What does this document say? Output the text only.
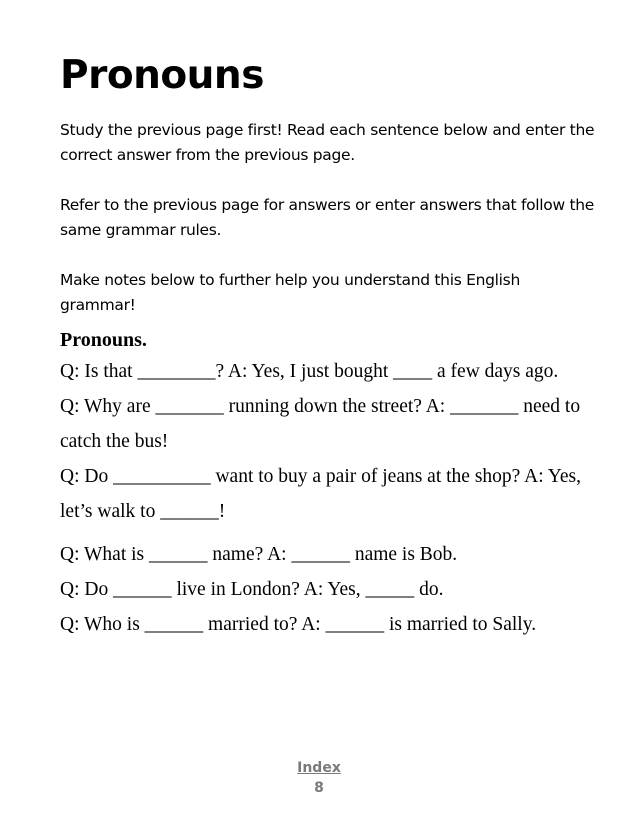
Pronouns

Study the previous page first! Read each sentence below and enter the correct answer from the previous page.

Refer to the previous page for answers or enter answers that follow the same grammar rules.

Make notes below to further help you understand this English grammar!

Pronouns.

Q: Is that ________? A: Yes, I just bought ____ a few days ago.

Q: Why are _______ running down the street? A: _______ need to catch the bus!

Q: Do __________ want to buy a pair of jeans at the shop? A: Yes, let’s walk to ______!

Q: What is ______ name? A: ______ name is Bob.

Q: Do ______ live in London? A: Yes, _____ do.

Q: Who is ______ married to? A: ______ is married to Sally.

Index
8
